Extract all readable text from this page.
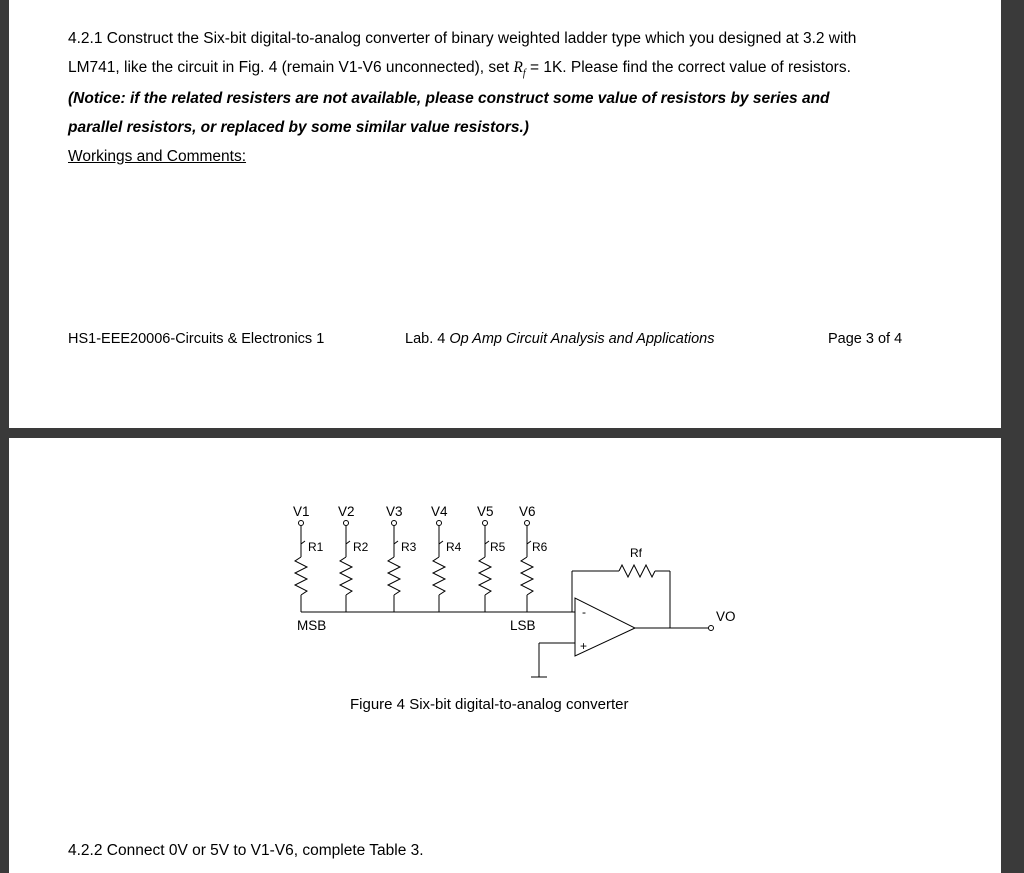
4.2.1 Construct the Six-bit digital-to-analog converter of binary weighted ladder type which you designed at 3.2 with
LM741, like the circuit in Fig. 4 (remain V1-V6 unconnected), set $R_f = 1K$. Please find the correct value of resistors.
(Notice: if the related resisters are not available, please construct some value of resistors by series and
parallel resistors, or replaced by some similar value resistors.)

Workings and Comments:

HS1-EEE20006-Circuits & Electronics 1	Lab. 4 Op Amp Circuit Analysis and Applications	Page 3 of 4

V1 V2 V3 V4 V5 V6
R1 R2	R3 R4 R5 R6
MSB	LSB
Rf
VO
-
+

Figure 4 Six-bit digital-to-analog converter

4.2.2 Connect 0V or 5V to V1-V6, complete Table 3.
